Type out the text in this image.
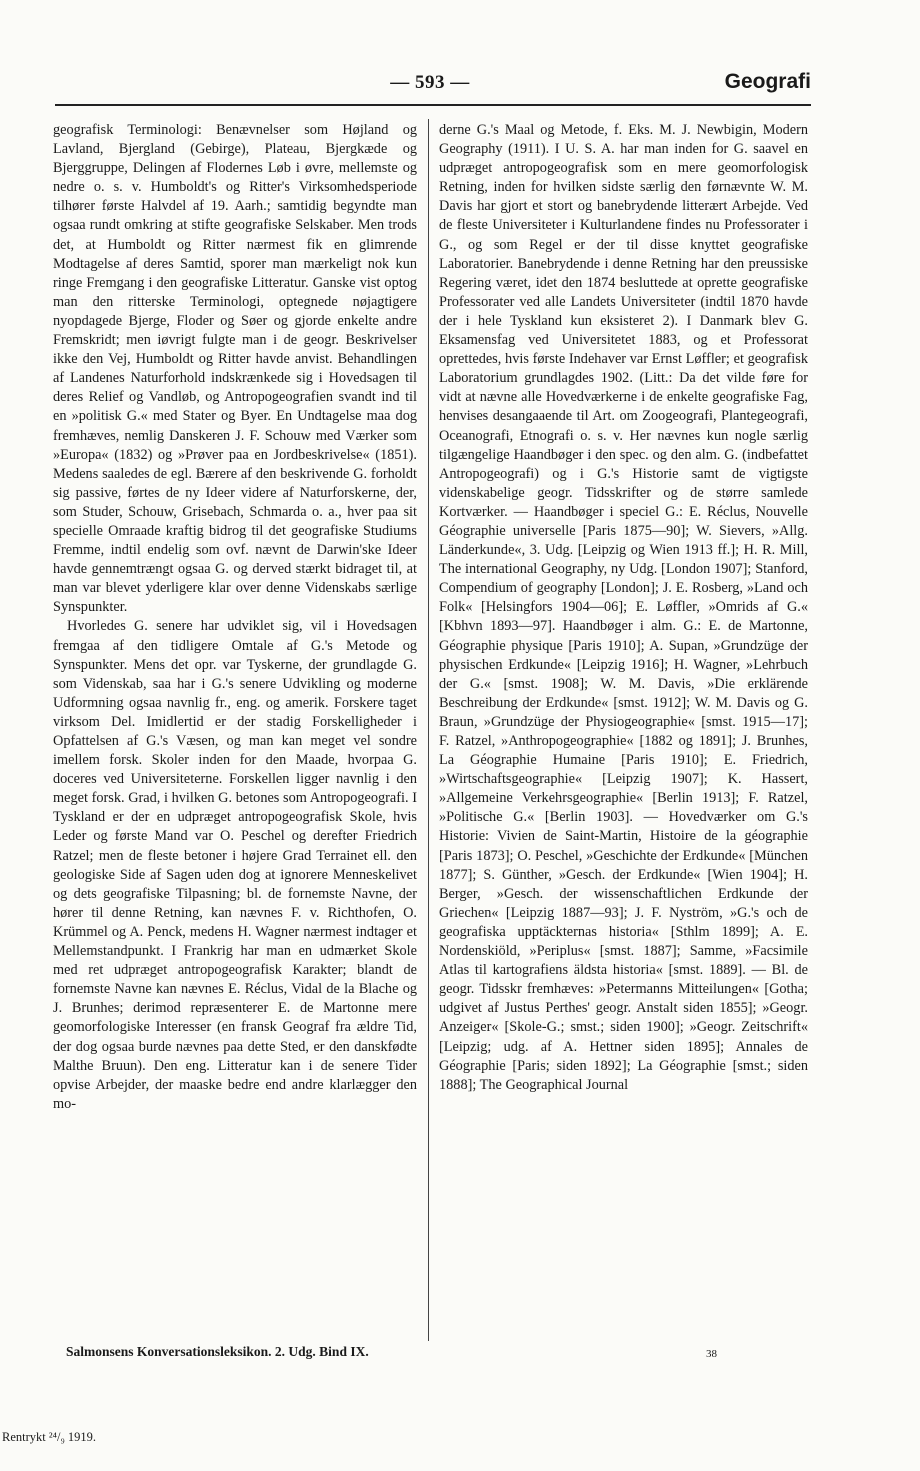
— 593 —	Geografi

geografisk Terminologi: Benævnelser som Højland og Lavland, Bjergland (Gebirge), Plateau, Bjergkæde og Bjerggruppe, Delingen af Flodernes Løb i øvre, mellemste og nedre o. s. v. Humboldt's og Ritter's Virksomhedsperiode tilhører første Halvdel af 19. Aarh.; samtidig begyndte man ogsaa rundt omkring at stifte geografiske Selskaber. Men trods det, at Humboldt og Ritter nærmest fik en glimrende Modtagelse af deres Samtid, sporer man mærkeligt nok kun ringe Fremgang i den geografiske Litteratur. Ganske vist optog man den ritterske Terminologi, optegnede nøjagtigere nyopdagede Bjerge, Floder og Søer og gjorde enkelte andre Fremskridt; men iøvrigt fulgte man i de geogr. Beskrivelser ikke den Vej, Humboldt og Ritter havde anvist. Behandlingen af Landenes Naturforhold indskrænkede sig i Hovedsagen til deres Relief og Vandløb, og Antropogeografien svandt ind til en »politisk G.« med Stater og Byer. En Undtagelse maa dog fremhæves, nemlig Danskeren J. F. Schouw med Værker som »Europa« (1832) og »Prøver paa en Jordbeskrivelse« (1851). Medens saaledes de egl. Bærere af den beskrivende G. forholdt sig passive, førtes de ny Ideer videre af Naturforskerne, der, som Studer, Schouw, Grisebach, Schmarda o. a., hver paa sit specielle Omraade kraftig bidrog til det geografiske Studiums Fremme, indtil endelig som ovf. nævnt de Darwin'ske Ideer havde gennemtrængt ogsaa G. og derved stærkt bidraget til, at man var blevet yderligere klar over denne Videnskabs særlige Synspunkter.

Hvorledes G. senere har udviklet sig, vil i Hovedsagen fremgaa af den tidligere Omtale af G.'s Metode og Synspunkter. Mens det opr. var Tyskerne, der grundlagde G. som Videnskab, saa har i G.'s senere Udvikling og moderne Udformning ogsaa navnlig fr., eng. og amerik. Forskere taget virksom Del. Imidlertid er der stadig Forskelligheder i Opfattelsen af G.'s Væsen, og man kan meget vel sondre imellem forsk. Skoler inden for den Maade, hvorpaa G. doceres ved Universiteterne. Forskellen ligger navnlig i den meget forsk. Grad, i hvilken G. betones som Antropogeografi. I Tyskland er der en udpræget antropogeografisk Skole, hvis Leder og første Mand var O. Peschel og derefter Friedrich Ratzel; men de fleste betoner i højere Grad Terrainet ell. den geologiske Side af Sagen uden dog at ignorere Menneskelivet og dets geografiske Tilpasning; bl. de fornemste Navne, der hører til denne Retning, kan nævnes F. v. Richthofen, O. Krümmel og A. Penck, medens H. Wagner nærmest indtager et Mellemstandpunkt. I Frankrig har man en udmærket Skole med ret udpræget antropogeografisk Karakter; blandt de fornemste Navne kan nævnes E. Réclus, Vidal de la Blache og J. Brunhes; derimod repræsenterer E. de Martonne mere geomorfologiske Interesser (en fransk Geograf fra ældre Tid, der dog ogsaa burde nævnes paa dette Sted, er den danskfødte Malthe Bruun). Den eng. Litteratur kan i de senere Tider opvise Arbejder, der maaske bedre end andre klarlægger den mo-

derne G.'s Maal og Metode, f. Eks. M. J. Newbigin, Modern Geography (1911). I U. S. A. har man inden for G. saavel en udpræget antropogeografisk som en mere geomorfologisk Retning, inden for hvilken sidste særlig den førnævnte W. M. Davis har gjort et stort og banebrydende litterært Arbejde. Ved de fleste Universiteter i Kulturlandene findes nu Professorater i G., og som Regel er der til disse knyttet geografiske Laboratorier. Banebrydende i denne Retning har den preussiske Regering været, idet den 1874 besluttede at oprette geografiske Professorater ved alle Landets Universiteter (indtil 1870 havde der i hele Tyskland kun eksisteret 2). I Danmark blev G. Eksamensfag ved Universitetet 1883, og et Professorat oprettedes, hvis første Indehaver var Ernst Løffler; et geografisk Laboratorium grundlagdes 1902. (Litt.: Da det vilde føre for vidt at nævne alle Hovedværkerne i de enkelte geografiske Fag, henvises desangaaende til Art. om Zoogeografi, Plantegeografi, Oceanografi, Etnografi o. s. v. Her nævnes kun nogle særlig tilgængelige Haandbøger i den spec. og den alm. G. (indbefattet Antropogeografi) og i G.'s Historie samt de vigtigste videnskabelige geogr. Tidsskrifter og de større samlede Kortværker. — Haandbøger i speciel G.: E. Réclus, Nouvelle Géographie universelle [Paris 1875—90]; W. Sievers, »Allg. Länderkunde«, 3. Udg. [Leipzig og Wien 1913 ff.]; H. R. Mill, The international Geography, ny Udg. [London 1907]; Stanford, Compendium of geography [London]; J. E. Rosberg, »Land och Folk« [Helsingfors 1904—06]; E. Løffler, »Omrids af G.« [Kbhvn 1893—97]. Haandbøger i alm. G.: E. de Martonne, Géographie physique [Paris 1910]; A. Supan, »Grundzüge der physischen Erdkunde« [Leipzig 1916]; H. Wagner, »Lehrbuch der G.« [smst. 1908]; W. M. Davis, »Die erklärende Beschreibung der Erdkunde« [smst. 1912]; W. M. Davis og G. Braun, »Grundzüge der Physiogeographie« [smst. 1915—17]; F. Ratzel, »Anthropogeographie« [1882 og 1891]; J. Brunhes, La Géographie Humaine [Paris 1910]; E. Friedrich, »Wirtschaftsgeographie« [Leipzig 1907]; K. Hassert, »Allgemeine Verkehrsgeographie« [Berlin 1913]; F. Ratzel, »Politische G.« [Berlin 1903]. — Hovedværker om G.'s Historie: Vivien de Saint-Martin, Histoire de la géographie [Paris 1873]; O. Peschel, »Geschichte der Erdkunde« [München 1877]; S. Günther, »Gesch. der Erdkunde« [Wien 1904]; H. Berger, »Gesch. der wissenschaftlichen Erdkunde der Griechen« [Leipzig 1887—93]; J. F. Nyström, »G.'s och de geografiska upptäckternas historia« [Sthlm 1899]; A. E. Nordenskiöld, »Periplus« [smst. 1887]; Samme, »Facsimile Atlas til kartografiens äldsta historia« [smst. 1889]. — Bl. de geogr. Tidsskr fremhæves: »Petermanns Mitteilungen« [Gotha; udgivet af Justus Perthes' geogr. Anstalt siden 1855]; »Geogr. Anzeiger« [Skole-G.; smst.; siden 1900]; »Geogr. Zeitschrift« [Leipzig; udg. af A. Hettner siden 1895]; Annales de Géographie [Paris; siden 1892]; La Géographie [smst.; siden 1888]; The Geographical Journal

Salmonsens Konversationsleksikon. 2. Udg. Bind IX.	38
Rentrykt ²⁴/₉ 1919.
